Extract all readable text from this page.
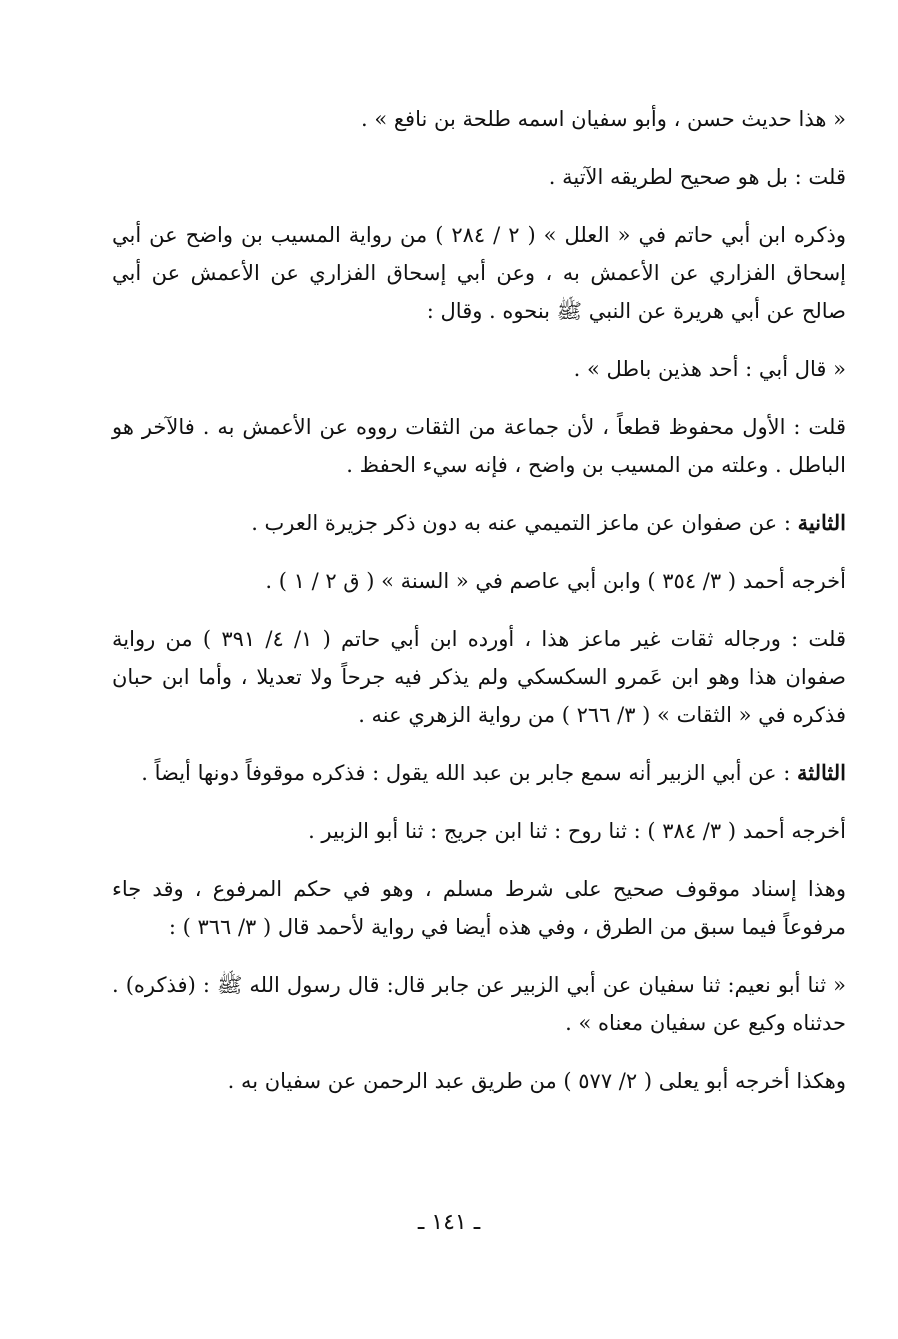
« هذا حديث حسن ، وأبو سفيان اسمه طلحة بن نافع » .

قلت : بل هو صحيح لطريقه الآتية .

وذكره ابن أبي حاتم في « العلل » ( ٢ / ٢٨٤ ) من رواية المسيب بن واضح عن أبي إسحاق الفزاري عن الأعمش به ، وعن أبي إسحاق الفزاري عن الأعمش عن أبي صالح عن أبي هريرة عن النبي ﷺ بنحوه . وقال :

« قال أبي : أحد هذين باطل » .

قلت : الأول محفوظ قطعاً ، لأن جماعة من الثقات رووه عن الأعمش به . فالآخر هو الباطل . وعلته من المسيب بن واضح ، فإنه سيء الحفظ .

الثانية : عن صفوان عن ماعز التميمي عنه به دون ذكر جزيرة العرب .

أخرجه أحمد ( ٣/ ٣٥٤ ) وابن أبي عاصم في « السنة » ( ق ٢ / ١ ) .

قلت : ورجاله ثقات غير ماعز هذا ، أورده ابن أبي حاتم ( ١/ ٤/ ٣٩١ ) من رواية صفوان هذا وهو ابن عَمرو السكسكي ولم يذكر فيه جرحاً ولا تعديلا ، وأما ابن حبان فذكره في « الثقات » ( ٣/ ٢٦٦ ) من رواية الزهري عنه .

الثالثة : عن أبي الزبير أنه سمع جابر بن عبد الله يقول : فذكره موقوفاً دونها أيضاً .

أخرجه أحمد ( ٣/ ٣٨٤ ) : ثنا روح : ثنا ابن جريج : ثنا أبو الزبير .

وهذا إسناد موقوف صحيح على شرط مسلم ، وهو في حكم المرفوع ، وقد جاء مرفوعاً فيما سبق من الطرق ، وفي هذه أيضا في رواية لأحمد قال ( ٣/ ٣٦٦ ) :

« ثنا أبو نعيم: ثنا سفيان عن أبي الزبير عن جابر قال: قال رسول الله ﷺ : (فذكره) . حدثناه وكيع عن سفيان معناه » .

وهكذا أخرجه أبو يعلى ( ٢/ ٥٧٧ ) من طريق عبد الرحمن عن سفيان به .

ـ ١٤١ ـ
